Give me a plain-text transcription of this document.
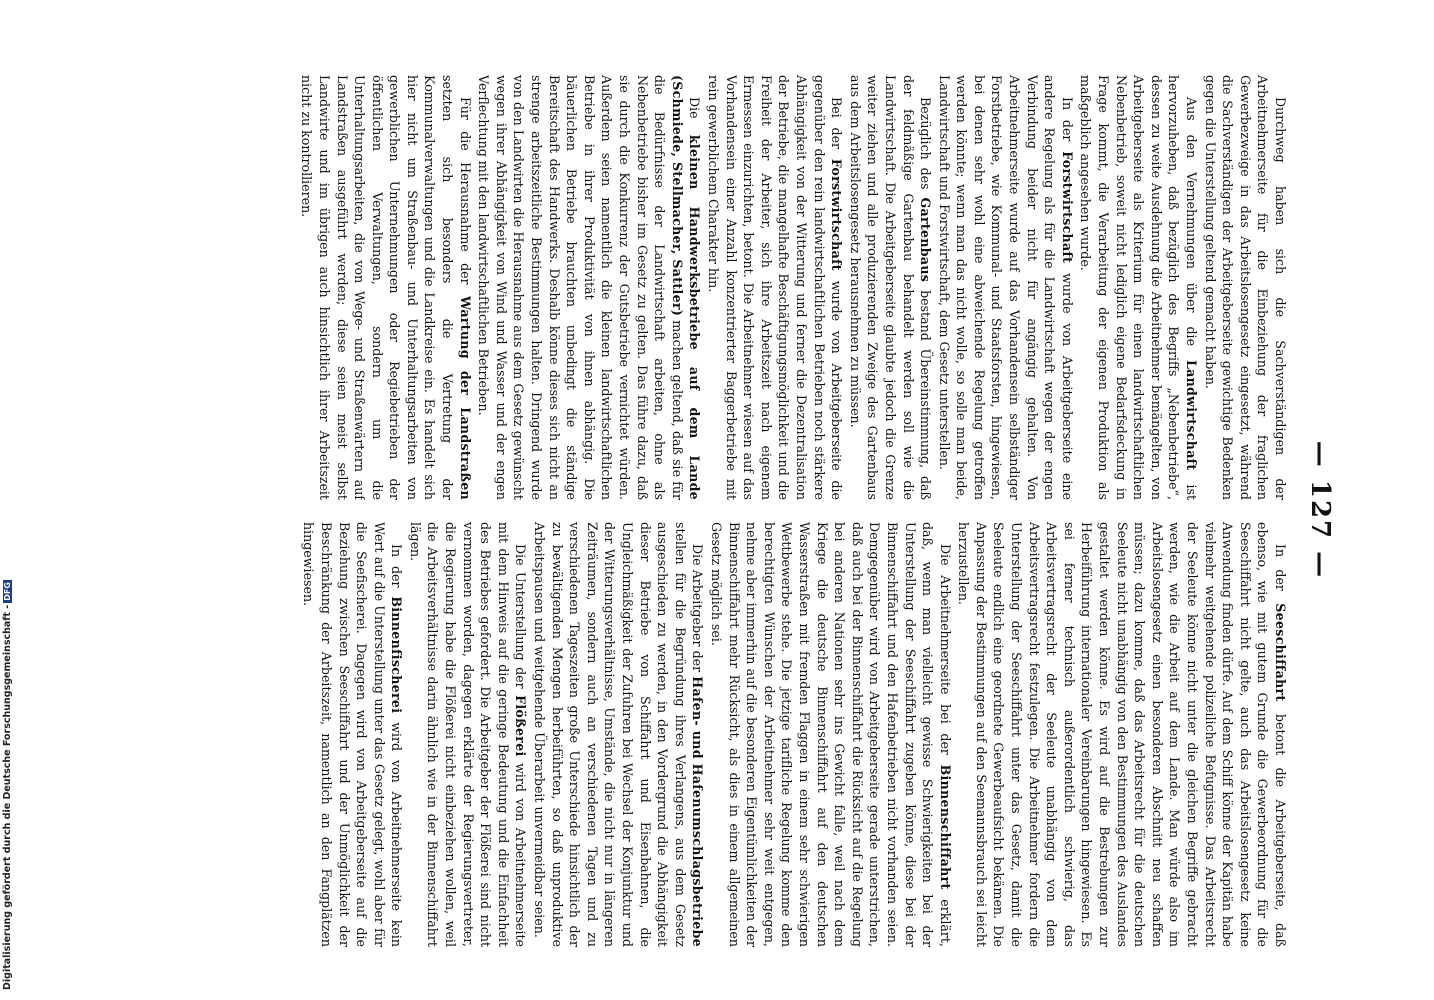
— 127 —

Durchweg haben sich die Sachverständigen der Arbeitnehmerseite für die Einbeziehung der fraglichen Gewerbezweige in das Arbeitslosengesetz eingesetzt, während die Sachverständigen der Arbeitgeberseite gewichtige Bedenken gegen die Unterstellung geltend gemacht haben.

Aus den Vernehmungen über die Landwirtschaft ist hervorzuheben, daß bezüglich des Begriffs „Nebenbetriebe“, dessen zu weite Ausdehnung die Arbeitnehmer bemängelten, von Arbeitgeberseite als Kriterium für einen landwirtschaftlichen Nebenbetrieb, soweit nicht lediglich eigene Bedarfsdeckung in Frage kommt, die Verarbeitung der eigenen Produktion als maßgeblich angesehen wurde.

In der Forstwirtschaft wurde von Arbeitgeberseite eine andere Regelung als für die Landwirtschaft wegen der engen Verbindung beider nicht für angängig gehalten. Von Arbeitnehmerseite wurde auf das Vorhandensein selbständiger Forstbetriebe, wie Kommunal- und Staatsforsten, hingewiesen, bei denen sehr wohl eine abweichende Regelung getroffen werden könnte; wenn man das nicht wolle, so solle man beide, Landwirtschaft und Forstwirtschaft, dem Gesetz unterstellen.

Bezüglich des Gartenbaus bestand Übereinstimmung, daß der feldmäßige Gartenbau behandelt werden soll wie die Landwirtschaft. Die Arbeitgeberseite glaubte jedoch die Grenze weiter ziehen und alle produzierenden Zweige des Gartenbaus aus dem Arbeitslosengesetz herausnehmen zu müssen.

Bei der Forstwirtschaft wurde von Arbeitgeberseite die gegenüber den rein landwirtschaftlichen Betrieben noch stärkere Abhängigkeit von der Witterung und ferner die Dezentralisation der Betriebe, die mangelhafte Beschäftigungsmöglichkeit und die Freiheit der Arbeiter, sich ihre Arbeitszeit nach eigenem Ermessen einzurichten, betont. Die Arbeitnehmer wiesen auf das Vorhandensein einer Anzahl konzentrierter Baggerbetriebe mit rein gewerblichem Charakter hin.

Die kleinen Handwerksbetriebe auf dem Lande (Schmiede, Stellmacher, Sattler) machen geltend, daß sie für die Bedürfnisse der Landwirtschaft arbeiten, ohne als Nebenbetriebe bisher im Gesetz zu gelten. Das führe dazu, daß sie durch die Konkurrenz der Gutsbetriebe vernichtet würden. Außerdem seien namentlich die kleinen landwirtschaftlichen Betriebe in ihrer Produktivität von ihnen abhängig. Die bäuerlichen Betriebe brauchten unbedingt die ständige Bereitschaft des Handwerks. Deshalb könne dieses sich nicht an strenge arbeitszeitliche Bestimmungen halten. Dringend wurde von den Landwirten die Herausnahme aus dem Gesetz gewünscht wegen ihrer Abhängigkeit von Wind und Wasser und der engen Verflechtung mit den landwirtschaftlichen Betrieben.

Für die Herausnahme der Wartung der Landstraßen setzten sich besonders die Vertretung der Kommunalverwaltungen und die Landkreise ein. Es handelt sich hier nicht um Straßenbau- und Unterhaltungsarbeiten von gewerblichen Unternehmungen oder Regiebetrieben der öffentlichen Verwaltungen, sondern um die Unterhaltungsarbeiten, die von Wege- und Straßenwärtern auf Landstraßen ausgeführt werden; diese seien meist selbst Landwirte und im übrigen auch hinsichtlich ihrer Arbeitszeit nicht zu kontrollieren.

In der Seeschiffahrt betont die Arbeitgeberseite, daß ebenso, wie mit gutem Grunde die Gewerbeordnung für die Seeschiffahrt nicht gelte, auch das Arbeitslosengesetz keine Anwendung finden dürfe. Auf dem Schiff könne der Kapitän habe vielmehr weitgehende polizeiliche Befugnisse. Das Arbeitsrecht der Seeleute könne nicht unter die gleichen Begriffe gebracht werden, wie die Arbeit auf dem Lande. Man würde also im Arbeitslosengesetz einen besonderen Abschnitt neu schaffen müssen; dazu komme, daß das Arbeitsrecht für die deutschen Seeleute nicht unabhängig von den Bestimmungen des Auslandes gestaltet werden könne. Es wird auf die Bestrebungen zur Herbeiführung internationaler Vereinbarungen hingewiesen. Es sei ferner technisch außerordentlich schwierig, das Arbeitsvertragsrecht der Seeleute unabhängig von dem Arbeitsvertragsrecht festzulegen. Die Arbeitnehmer fordern die Unterstellung der Seeschiffahrt unter das Gesetz, damit die Seeleute endlich eine geordnete Gewerbeaufsicht bekämen. Die Anpassung der Bestimmungen auf den Seemannsbrauch sei leicht herzustellen.

Die Arbeitnehmerseite bei der Binnenschiffahrt erklärt, daß, wenn man vielleicht gewisse Schwierigkeiten bei der Unterstellung der Seeschiffahrt zugeben könne, diese bei der Binnenschiffahrt und den Hafenbetrieben nicht vorhanden seien. Demgegenüber wird von Arbeitgeberseite gerade unterstrichen, daß auch bei der Binnenschiffahrt die Rücksicht auf die Regelung bei anderen Nationen sehr ins Gewicht falle, weil nach dem Kriege die deutsche Binnenschiffahrt auf den deutschen Wasserstraßen mit fremden Flaggen in einem sehr schwierigen Wettbewerbe stehe. Die jetzige tarifliche Regelung komme den berechtigten Wünschen der Arbeitnehmer sehr weit entgegen, nehme aber immerhin auf die besonderen Eigentümlichkeiten der Binnenschiffahrt mehr Rücksicht, als dies in einem allgemeinen Gesetz möglich sei.

Die Arbeitgeber der Hafen- und Hafenumschlagsbetriebe stellen für die Begründung ihres Verlangens, aus dem Gesetz ausgeschieden zu werden, in den Vordergrund die Abhängigkeit dieser Betriebe von Schiffahrt und Eisenbahnen, die Ungleichmäßigkeit der Zufuhren bei Wechsel der Konjunktur und der Witterungsverhältnisse, Umstände, die nicht nur in längeren Zeiträumen, sondern auch an verschiedenen Tagen und zu verschiedenen Tageszeiten große Unterschiede hinsichtlich der zu bewältigenden Mengen herbeiführten, so daß unproduktive Arbeitspausen und weitgehende Überarbeit unvermeidbar seien.

Die Unterstellung der Flößerei wird von Arbeitnehmerseite mit dem Hinweis auf die geringe Bedeutung und die Einfachheit des Betriebes gefordert. Die Arbeitgeber der Flößerei sind nicht vernommen worden, dagegen erklärte der Regierungsvertreter, die Regierung habe die Flößerei nicht einbeziehen wollen, weil die Arbeitsverhältnisse darin ähnlich wie in der Binnenschiffahrt lägen.

In der Binnenfischerei wird von Arbeitnehmerseite kein Wert auf die Unterstellung unter das Gesetz gelegt, wohl aber für die Seefischerei. Dagegen wird von Arbeitgeberseite auf die Beziehung zwischen Seeschiffahrt und der Unmöglichkeit der Beschränkung der Arbeitszeit, namentlich an den Fangplätzen hingewiesen.

Digitalisierung gefördert durch die Deutsche Forschungsgemeinschaft -DFG
